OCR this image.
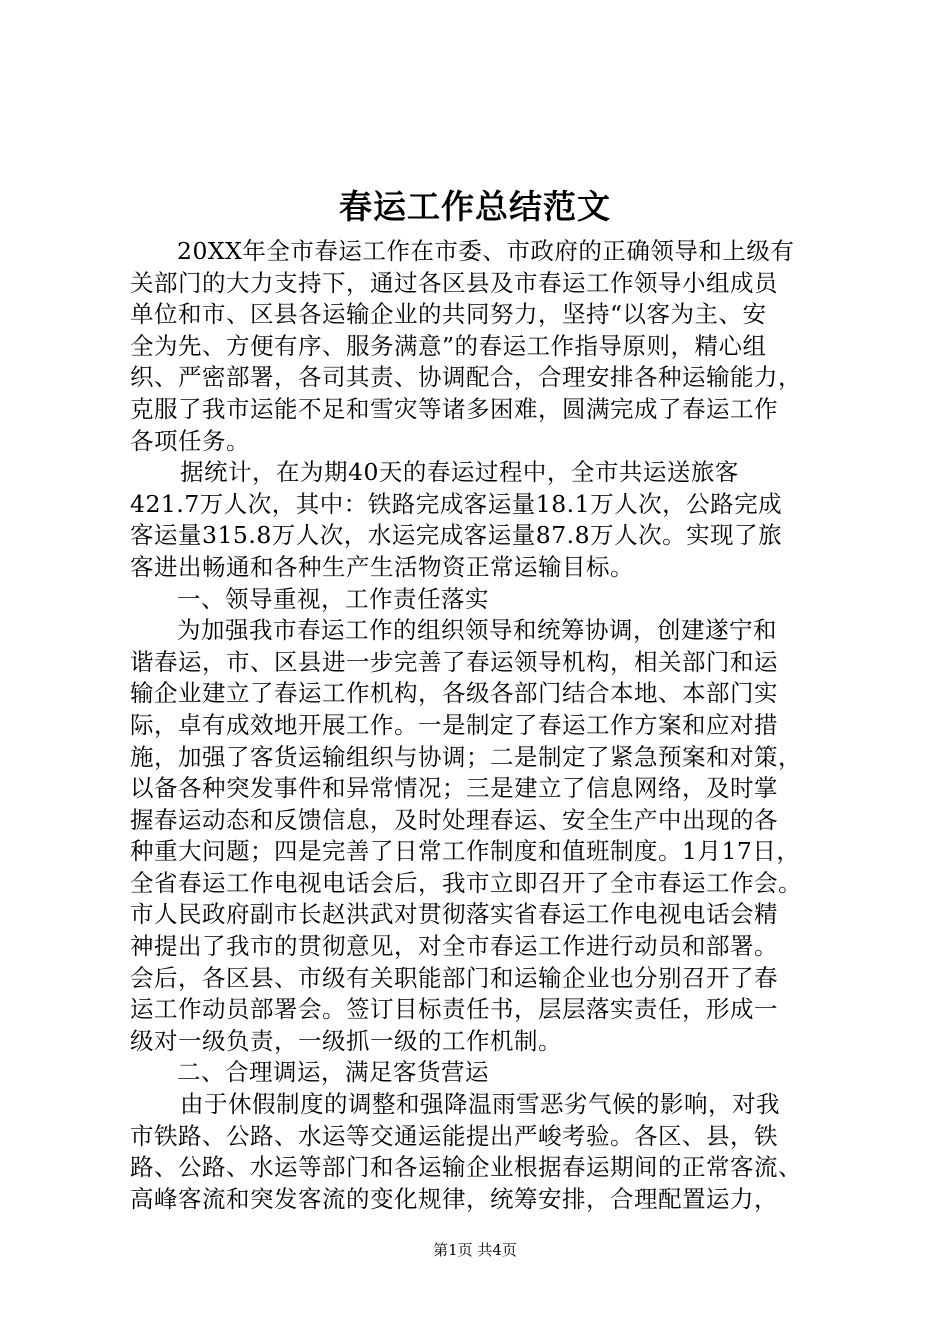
春运工作总结范文
20XX年全市春运工作在市委、市政府的正确领导和上级有
关部门的大力支持下，通过各区县及市春运工作领导小组成员
单位和市、区县各运输企业的共同努力，坚持“以客为主、安
全为先、方便有序、服务满意”的春运工作指导原则，精心组
织、严密部署，各司其责、协调配合，合理安排各种运输能力，
克服了我市运能不足和雪灾等诸多困难，圆满完成了春运工作
各项任务。
据统计，在为期40天的春运过程中，全市共运送旅客
421.7万人次，其中：铁路完成客运量18.1万人次，公路完成
客运量315.8万人次，水运完成客运量87.8万人次。实现了旅
客进出畅通和各种生产生活物资正常运输目标。
一、领导重视，工作责任落实
为加强我市春运工作的组织领导和统筹协调，创建遂宁和
谐春运，市、区县进一步完善了春运领导机构，相关部门和运
输企业建立了春运工作机构，各级各部门结合本地、本部门实
际，卓有成效地开展工作。一是制定了春运工作方案和应对措
施，加强了客货运输组织与协调；二是制定了紧急预案和对策，
以备各种突发事件和异常情况；三是建立了信息网络，及时掌
握春运动态和反馈信息，及时处理春运、安全生产中出现的各
种重大问题；四是完善了日常工作制度和值班制度。1月17日，
全省春运工作电视电话会后，我市立即召开了全市春运工作会。
市人民政府副市长赵洪武对贯彻落实省春运工作电视电话会精
神提出了我市的贯彻意见，对全市春运工作进行动员和部署。
会后，各区县、市级有关职能部门和运输企业也分别召开了春
运工作动员部署会。签订目标责任书，层层落实责任，形成一
级对一级负责，一级抓一级的工作机制。
二、合理调运，满足客货营运
由于休假制度的调整和强降温雨雪恶劣气候的影响，对我
市铁路、公路、水运等交通运能提出严峻考验。各区、县，铁
路、公路、水运等部门和各运输企业根据春运期间的正常客流、
高峰客流和突发客流的变化规律，统筹安排，合理配置运力，
第1页 共4页
